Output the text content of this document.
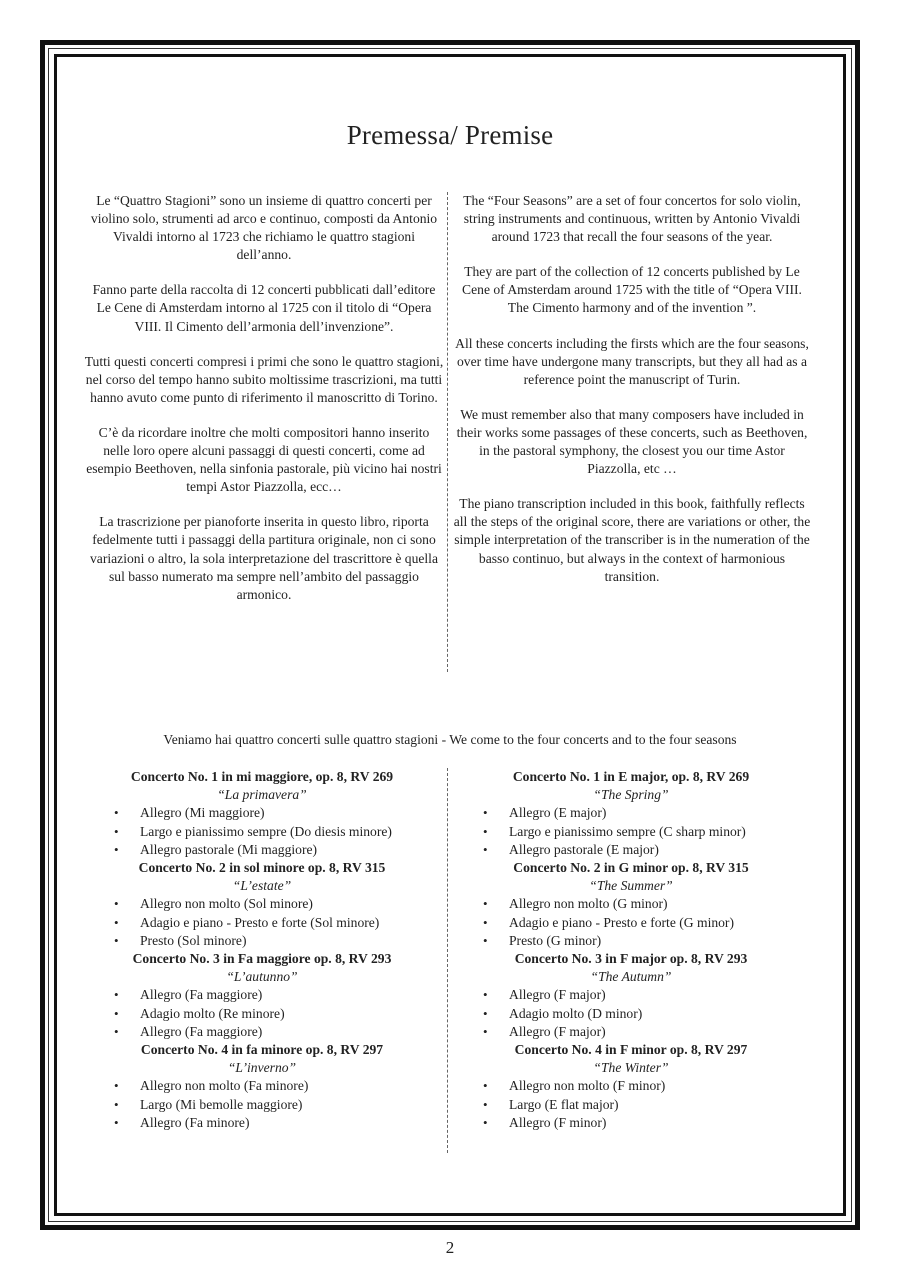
Premessa/ Premise

Le “Quattro Stagioni” sono un insieme di quattro concerti per violino solo, strumenti ad arco e continuo, composti da Antonio Vivaldi intorno al 1723 che richiamo le quattro stagioni dell’anno.

Fanno parte della raccolta di 12 concerti pubblicati dall’editore Le Cene di Amsterdam intorno al 1725 con il titolo di “Opera VIII. Il Cimento dell’armonia dell’invenzione”.

Tutti questi concerti compresi i primi che sono le quattro stagioni, nel corso del tempo hanno subito moltissime trascrizioni, ma tutti hanno avuto come punto di riferimento il manoscritto di Torino.

C’è da ricordare inoltre che molti compositori hanno inserito nelle loro opere alcuni passaggi di questi concerti, come ad esempio Beethoven, nella sinfonia pastorale, più vicino hai nostri tempi Astor Piazzolla, ecc…

La trascrizione per pianoforte inserita in questo libro, riporta fedelmente tutti i passaggi della partitura originale, non ci sono variazioni o altro, la sola interpretazione del trascrittore è quella sul basso numerato ma sempre nell’ambito del passaggio armonico.

The “Four Seasons” are a set of four concertos for solo violin, string instruments and continuous, written by Antonio Vivaldi around 1723 that recall the four seasons of the year.

They are part of the collection of 12 concerts published by Le Cene of Amsterdam around 1725 with the title of “Opera VIII. The Cimento harmony and of the invention ”.

All these concerts including the firsts which are the four seasons, over time have undergone many transcripts, but they all had as a reference point the manuscript of Turin.

We must remember also that many composers have included in their works some passages of these concerts, such as Beethoven, in the pastoral symphony, the closest you our time Astor Piazzolla, etc …

The piano transcription included in this book, faithfully reflects all the steps of the original score, there are variations or other, the simple interpretation of the transcriber is in the numeration of the basso continuo, but always in the context of harmonious transition.

Veniamo hai quattro concerti sulle quattro stagioni - We come to the four concerts and to the four seasons
Concerto No. 1 in mi maggiore, op. 8, RV 269
“La primavera”
• Allegro (Mi maggiore)
• Largo e pianissimo sempre (Do diesis minore)
• Allegro pastorale (Mi maggiore)
Concerto No. 2 in sol minore op. 8, RV 315
“L’estate”
• Allegro non molto (Sol minore)
• Adagio e piano - Presto e forte (Sol minore)
• Presto (Sol minore)
Concerto No. 3 in Fa maggiore op. 8, RV 293
“L’autunno”
• Allegro (Fa maggiore)
• Adagio molto (Re minore)
• Allegro (Fa maggiore)
Concerto No. 4 in fa minore op. 8, RV 297
“L’inverno”
• Allegro non molto (Fa minore)
• Largo (Mi bemolle maggiore)
• Allegro (Fa minore)
Concerto No. 1 in E major, op. 8, RV 269
“The Spring”
• Allegro (E major)
• Largo e pianissimo sempre (C sharp minor)
• Allegro pastorale (E major)
Concerto No. 2 in G minor op. 8, RV 315
“The Summer”
• Allegro non molto (G minor)
• Adagio e piano - Presto e forte (G minor)
• Presto (G minor)
Concerto No. 3 in F major op. 8, RV 293
“The Autumn”
• Allegro (F major)
• Adagio molto (D minor)
• Allegro (F major)
Concerto No. 4 in F minor op. 8, RV 297
“The Winter”
• Allegro non molto (F minor)
• Largo (E flat major)
• Allegro (F minor)
2
